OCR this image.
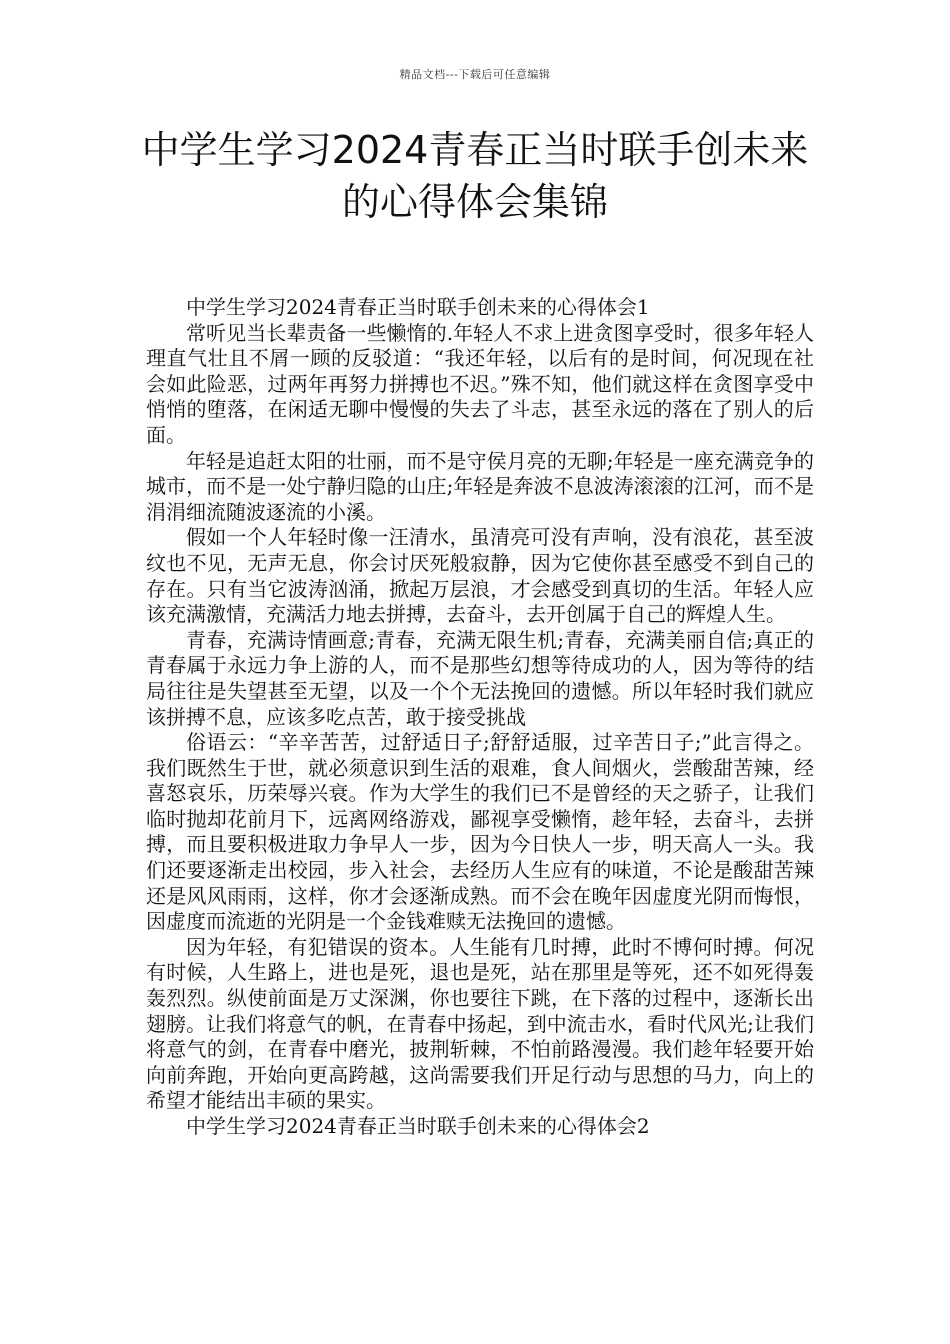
精品文档---下载后可任意编辑
中学生学习2024青春正当时联手创未来的心得体会集锦

中学生学习2024青春正当时联手创未来的心得体会1

常听见当长辈责备一些懒惰的.年轻人不求上进贪图享受时，很多年轻人理直气壮且不屑一顾的反驳道：“我还年轻，以后有的是时间，何况现在社会如此险恶，过两年再努力拼搏也不迟。”殊不知，他们就这样在贪图享受中悄悄的堕落，在闲适无聊中慢慢的失去了斗志，甚至永远的落在了别人的后面。

年轻是追赶太阳的壮丽，而不是守侯月亮的无聊;年轻是一座充满竞争的城市，而不是一处宁静归隐的山庄;年轻是奔波不息波涛滚滚的江河，而不是涓涓细流随波逐流的小溪。

假如一个人年轻时像一汪清水，虽清亮可没有声响，没有浪花，甚至波纹也不见，无声无息，你会讨厌死般寂静，因为它使你甚至感受不到自己的存在。只有当它波涛汹涌，掀起万层浪，才会感受到真切的生活。年轻人应该充满激情，充满活力地去拼搏，去奋斗，去开创属于自己的辉煌人生。

青春，充满诗情画意;青春，充满无限生机;青春，充满美丽自信;真正的青春属于永远力争上游的人，而不是那些幻想等待成功的人，因为等待的结局往往是失望甚至无望，以及一个个无法挽回的遗憾。所以年轻时我们就应该拼搏不息，应该多吃点苦，敢于接受挑战

俗语云：“辛辛苦苦，过舒适日子;舒舒适服，过辛苦日子;”此言得之。我们既然生于世，就必须意识到生活的艰难，食人间烟火，尝酸甜苦辣，经喜怒哀乐，历荣辱兴衰。作为大学生的我们已不是曾经的天之骄子，让我们临时抛却花前月下，远离网络游戏，鄙视享受懒惰，趁年轻，去奋斗，去拼搏，而且要积极进取力争早人一步，因为今日快人一步，明天高人一头。我们还要逐渐走出校园，步入社会，去经历人生应有的味道，不论是酸甜苦辣还是风风雨雨，这样，你才会逐渐成熟。而不会在晚年因虚度光阴而悔恨，因虚度而流逝的光阴是一个金钱难赎无法挽回的遗憾。

因为年轻，有犯错误的资本。人生能有几时搏，此时不博何时搏。何况有时候，人生路上，进也是死，退也是死，站在那里是等死，还不如死得轰轰烈烈。纵使前面是万丈深渊，你也要往下跳，在下落的过程中，逐渐长出翅膀。让我们将意气的帆，在青春中扬起，到中流击水，看时代风光;让我们将意气的剑，在青春中磨光，披荆斩棘，不怕前路漫漫。我们趁年轻要开始向前奔跑，开始向更高跨越，这尚需要我们开足行动与思想的马力，向上的希望才能结出丰硕的果实。

中学生学习2024青春正当时联手创未来的心得体会2
